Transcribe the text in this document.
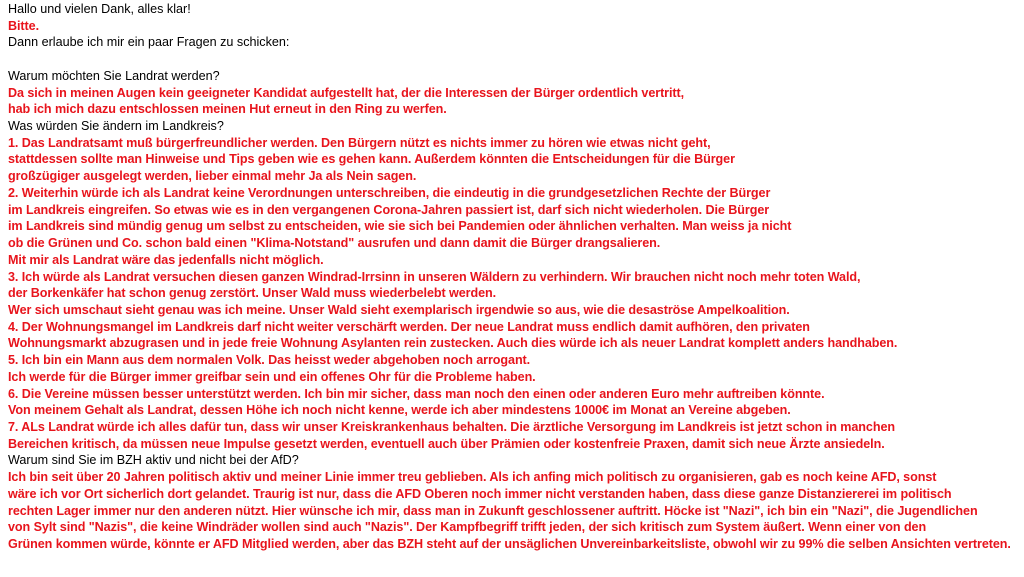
Hallo und vielen Dank, alles klar!
Bitte.
Dann erlaube ich mir ein paar Fragen zu schicken:
Warum möchten Sie Landrat werden?
Da sich in meinen Augen kein geeigneter Kandidat aufgestellt hat, der die Interessen der Bürger ordentlich vertritt,
hab ich mich dazu entschlossen meinen Hut erneut in den Ring zu werfen.
Was würden Sie ändern im Landkreis?
1. Das Landratsamt muß bürgerfreundlicher werden. Den Bürgern nützt es nichts immer zu hören wie etwas nicht geht,
stattdessen sollte man Hinweise und Tips geben wie es gehen kann. Außerdem könnten die Entscheidungen für die Bürger
großzügiger ausgelegt werden, lieber einmal mehr Ja als Nein sagen.
2. Weiterhin würde ich als Landrat keine Verordnungen unterschreiben, die eindeutig in die grundgesetzlichen Rechte der Bürger
im Landkreis eingreifen. So etwas wie es in den vergangenen Corona-Jahren passiert ist, darf sich nicht wiederholen. Die Bürger
im Landkreis sind mündig genug um selbst zu entscheiden, wie sie sich bei Pandemien oder ähnlichen verhalten. Man weiss ja nicht
ob die Grünen und Co. schon bald einen "Klima-Notstand" ausrufen und dann damit die Bürger drangsalieren.
Mit mir als Landrat wäre das jedenfalls nicht möglich.
3. Ich würde als Landrat versuchen diesen ganzen Windrad-Irrsinn in unseren Wäldern zu verhindern. Wir brauchen nicht noch mehr toten Wald,
der Borkenkäfer hat schon genug zerstört. Unser Wald muss wiederbelebt werden.
Wer sich umschaut sieht genau was ich meine. Unser Wald sieht exemplarisch irgendwie so aus, wie die desaströse Ampelkoalition.
4. Der Wohnungsmangel im Landkreis darf nicht weiter verschärft werden. Der neue Landrat muss endlich damit aufhören, den privaten
Wohnungsmarkt abzugrasen und in jede freie Wohnung Asylanten rein zustecken. Auch dies würde ich als neuer Landrat komplett anders handhaben.
5. Ich bin ein Mann aus dem normalen Volk. Das heisst weder abgehoben noch arrogant.
Ich werde für die Bürger immer greifbar sein und ein offenes Ohr für die Probleme haben.
6. Die Vereine müssen besser unterstützt werden. Ich bin mir sicher, dass man noch den einen oder anderen Euro mehr auftreiben könnte.
Von meinem Gehalt als Landrat, dessen Höhe ich noch nicht kenne, werde ich aber mindestens 1000€ im Monat an Vereine abgeben.
7. ALs Landrat würde ich alles dafür tun, dass wir unser Kreiskrankenhaus behalten. Die ärztliche Versorgung im Landkreis ist jetzt schon in manchen
Bereichen kritisch, da müssen neue Impulse gesetzt werden, eventuell auch über Prämien oder kostenfreie Praxen, damit sich neue Ärzte ansiedeln.
Warum sind Sie im BZH aktiv und nicht bei der AfD?
Ich bin seit über 20 Jahren politisch aktiv und meiner Linie immer treu geblieben. Als ich anfing mich politisch zu organisieren, gab es noch keine AFD, sonst
wäre ich vor Ort sicherlich dort gelandet. Traurig ist nur, dass die AFD Oberen noch immer nicht verstanden haben, dass diese ganze Distanziererei im politisch
rechten Lager immer nur den anderen nützt. Hier wünsche ich mir, dass man in Zukunft geschlossener auftritt. Höcke ist "Nazi", ich bin ein "Nazi", die Jugendlichen
von Sylt sind "Nazis", die keine Windräder wollen sind auch "Nazis". Der Kampfbegriff trifft jeden, der sich kritisch zum System äußert. Wenn einer von den
Grünen kommen würde, könnte er AFD Mitglied werden, aber das BZH steht auf der unsäglichen Unvereinbarkeitsliste, obwohl wir zu 99% die selben Ansichten vertreten.
